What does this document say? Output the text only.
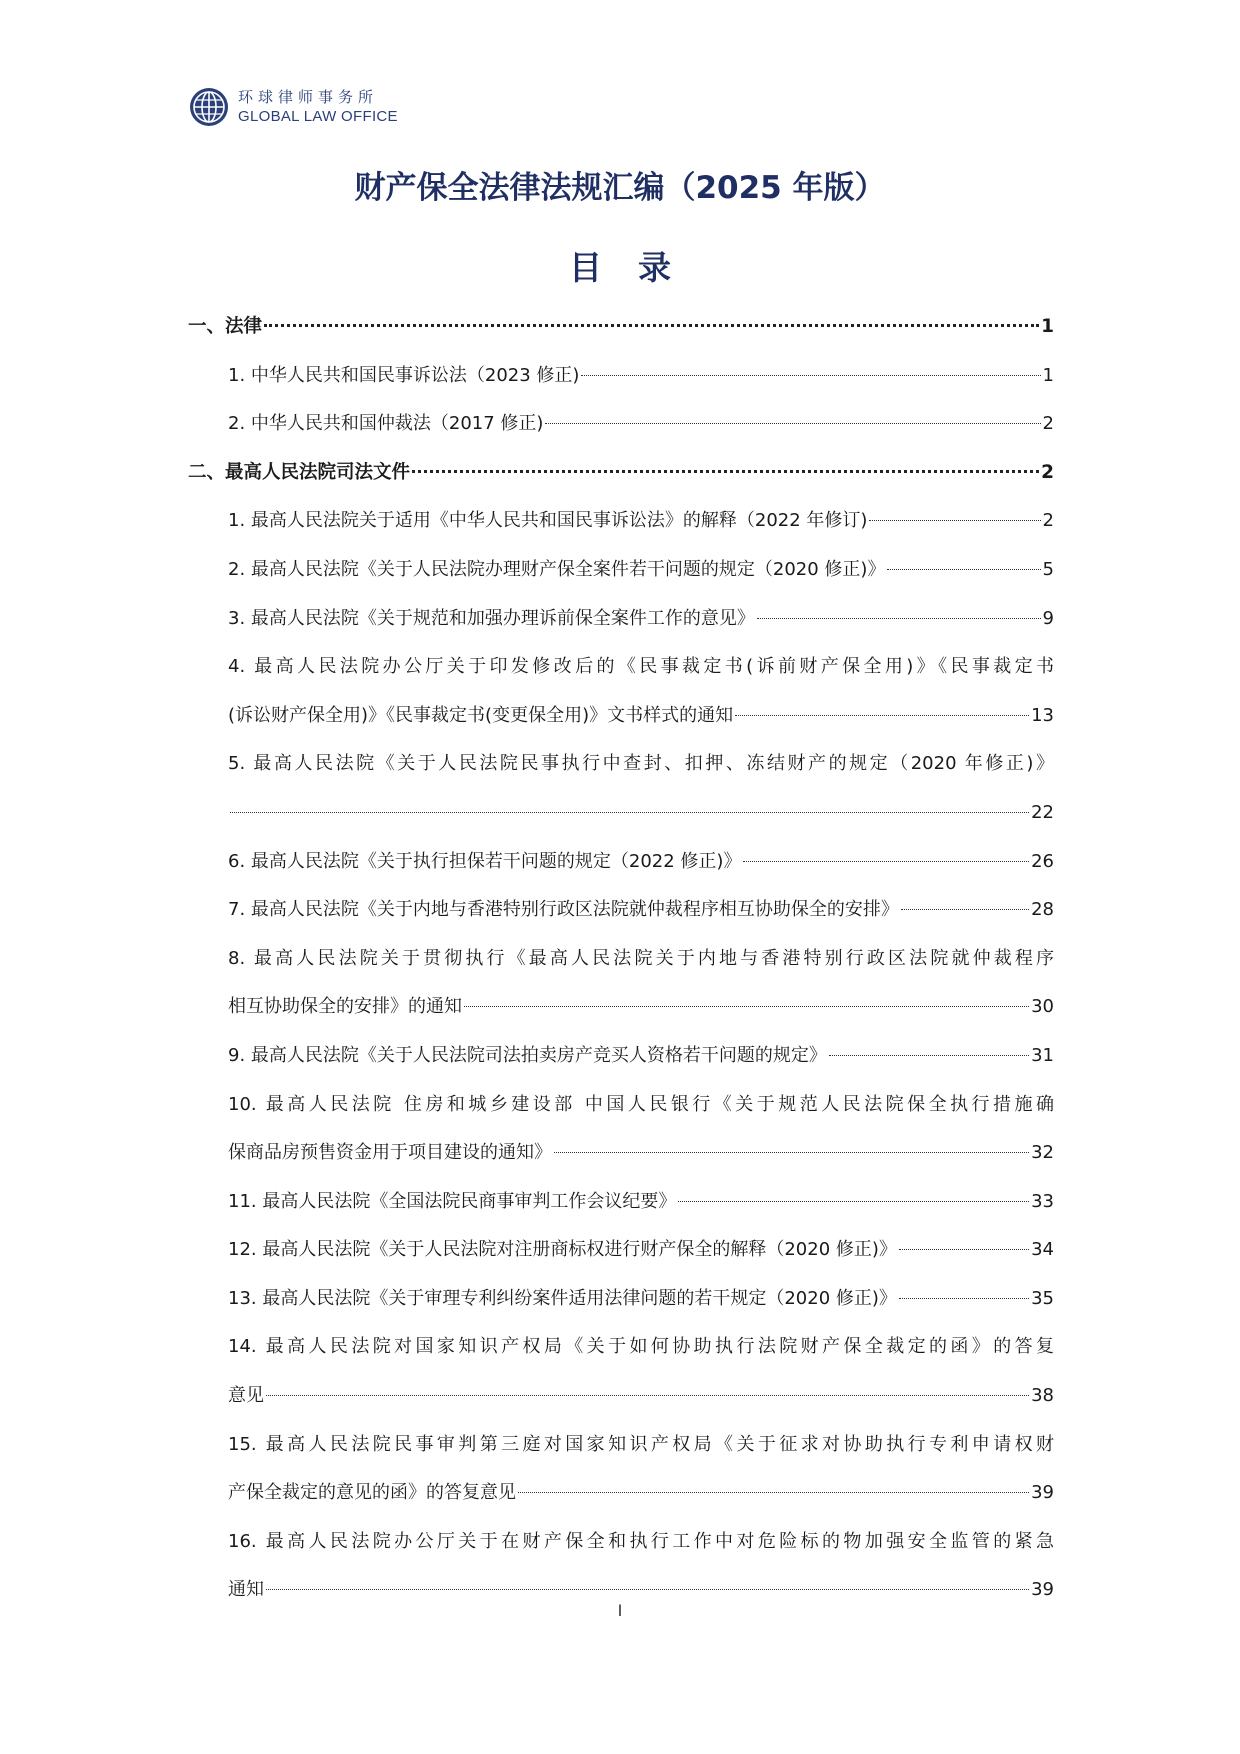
环球律师事务所
GLOBAL LAW OFFICE
财产保全法律法规汇编（2025 年版）
目 录
一、法律	1
1. 中华人民共和国民事诉讼法（2023 修正)	1
2. 中华人民共和国仲裁法（2017 修正)	2
二、最高人民法院司法文件	2
1. 最高人民法院关于适用《中华人民共和国民事诉讼法》的解释（2022 年修订)	2
2. 最高人民法院《关于人民法院办理财产保全案件若干问题的规定（2020 修正)》	5
3. 最高人民法院《关于规范和加强办理诉前保全案件工作的意见》	9
4. 最高人民法院办公厅关于印发修改后的《民事裁定书(诉前财产保全用)》《民事裁定书
(诉讼财产保全用)》《民事裁定书(变更保全用)》文书样式的通知	13
5. 最高人民法院《关于人民法院民事执行中查封、扣押、冻结财产的规定（2020 年修正)》
22
6. 最高人民法院《关于执行担保若干问题的规定（2022 修正)》	26
7. 最高人民法院《关于内地与香港特别行政区法院就仲裁程序相互协助保全的安排》	28
8. 最高人民法院关于贯彻执行《最高人民法院关于内地与香港特别行政区法院就仲裁程序
相互协助保全的安排》的通知	30
9. 最高人民法院《关于人民法院司法拍卖房产竞买人资格若干问题的规定》	31
10. 最高人民法院 住房和城乡建设部 中国人民银行《关于规范人民法院保全执行措施确
保商品房预售资金用于项目建设的通知》	32
11. 最高人民法院《全国法院民商事审判工作会议纪要》	33
12. 最高人民法院《关于人民法院对注册商标权进行财产保全的解释（2020 修正)》	34
13. 最高人民法院《关于审理专利纠纷案件适用法律问题的若干规定（2020 修正)》	35
14. 最高人民法院对国家知识产权局《关于如何协助执行法院财产保全裁定的函》的答复
意见	38
15. 最高人民法院民事审判第三庭对国家知识产权局《关于征求对协助执行专利申请权财
产保全裁定的意见的函》的答复意见	39
16. 最高人民法院办公厅关于在财产保全和执行工作中对危险标的物加强安全监管的紧急
通知	39
I
